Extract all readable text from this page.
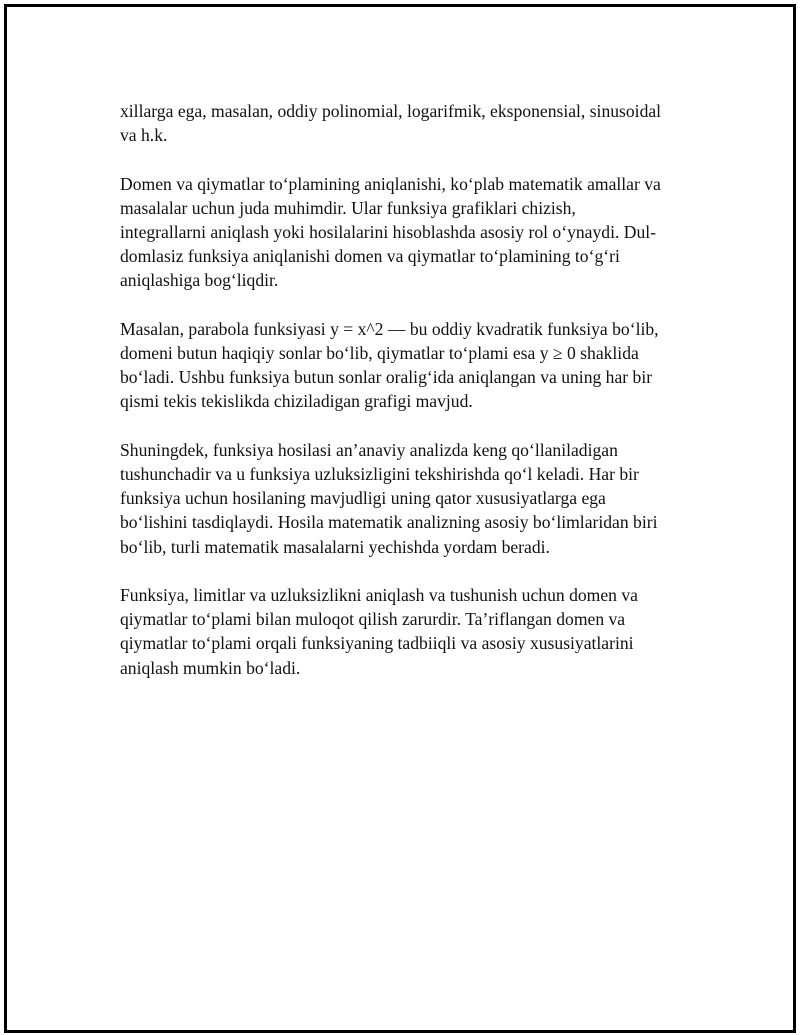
xillarga ega, masalan, oddiy polinomial, logarifmik, eksponensial, sinusoidal
va h.k.

Domen va qiymatlar to‘plamining aniqlanishi, ko‘plab matematik amallar va
masalalar uchun juda muhimdir. Ular funksiya grafiklari chizish,
integrallarni aniqlash yoki hosilalarini hisoblashda asosiy rol o‘ynaydi. Dul-
domlasiz funksiya aniqlanishi domen va qiymatlar to‘plamining to‘g‘ri
aniqlashiga bog‘liqdir.

Masalan, parabola funksiyasi y = x^2 — bu oddiy kvadratik funksiya bo‘lib,
domeni butun haqiqiy sonlar bo‘lib, qiymatlar to‘plami esa y ≥ 0 shaklida
bo‘ladi. Ushbu funksiya butun sonlar oralig‘ida aniqlangan va uning har bir
qismi tekis tekislikda chiziladigan grafigi mavjud.

Shuningdek, funksiya hosilasi an’anaviy analizda keng qo‘llaniladigan
tushunchadir va u funksiya uzluksizligini tekshirishda qo‘l keladi. Har bir
funksiya uchun hosilaning mavjudligi uning qator xususiyatlarga ega
bo‘lishini tasdiqlaydi. Hosila matematik analizning asosiy bo‘limlaridan biri
bo‘lib, turli matematik masalalarni yechishda yordam beradi.

Funksiya, limitlar va uzluksizlikni aniqlash va tushunish uchun domen va
qiymatlar to‘plami bilan muloqot qilish zarurdir. Ta’riflangan domen va
qiymatlar to‘plami orqali funksiyaning tadbiiqli va asosiy xususiyatlarini
aniqlash mumkin bo‘ladi.
